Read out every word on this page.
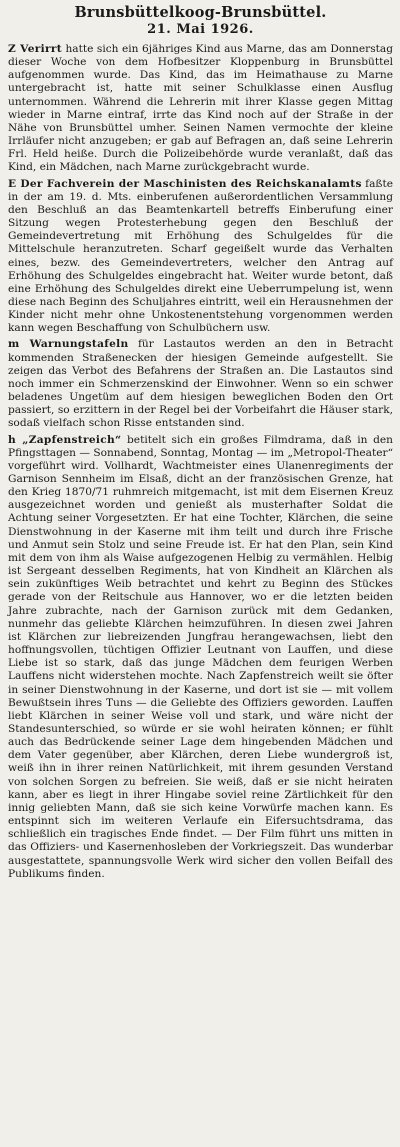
Brunsbüttelkoog-Brunsbüttel.
21. Mai 1926.

Z Verirrt hatte sich ein 6jähriges Kind aus Marne, das am Donnerstag dieser Woche von dem Hofbesitzer Kloppenburg in Brunsbüttel aufgenommen wurde. Das Kind, das im Heimathause zu Marne untergebracht ist, hatte mit seiner Schulklasse einen Ausflug unternommen. Während die Lehrerin mit ihrer Klasse gegen Mittag wieder in Marne eintraf, irrte das Kind noch auf der Straße in der Nähe von Brunsbüttel umher. Seinen Namen vermochte der kleine Irrläufer nicht anzugeben; er gab auf Befragen an, daß seine Lehrerin Frl. Held heiße. Durch die Polizeibehörde wurde veranlaßt, daß das Kind, ein Mädchen, nach Marne zurückgebracht wurde.

E Der Fachverein der Maschinisten des Reichskanalamts faßte in der am 19. d. Mts. einberufenen außerordentlichen Versammlung den Beschluß an das Beamtenkartell betreffs Einberufung einer Sitzung wegen Protesterhebung gegen den Beschluß der Gemeindevertretung mit Erhöhung des Schulgeldes für die Mittelschule heranzutreten. Scharf gegeißelt wurde das Verhalten eines, bezw. des Gemeindevertreters, welcher den Antrag auf Erhöhung des Schulgeldes eingebracht hat. Weiter wurde betont, daß eine Erhöhung des Schulgeldes direkt eine Ueberrumpelung ist, wenn diese nach Beginn des Schuljahres eintritt, weil ein Herausnehmen der Kinder nicht mehr ohne Unkostenentstehung vorgenommen werden kann wegen Beschaffung von Schulbüchern usw.

m Warnungstafeln für Lastautos werden an den in Betracht kommenden Straßenecken der hiesigen Gemeinde aufgestellt. Sie zeigen das Verbot des Befahrens der Straßen an. Die Lastautos sind noch immer ein Schmerzenskind der Einwohner. Wenn so ein schwer beladenes Ungetüm auf dem hiesigen beweglichen Boden den Ort passiert, so erzittern in der Regel bei der Vorbeifahrt die Häuser stark, sodaß vielfach schon Risse entstanden sind.

h „Zapfenstreich“ betitelt sich ein großes Filmdrama, daß in den Pfingsttagen — Sonnabend, Sonntag, Montag — im „Metropol-Theater“ vorgeführt wird. Vollhardt, Wachtmeister eines Ulanenregiments der Garnison Sennheim im Elsaß, dicht an der französischen Grenze, hat den Krieg 1870/71 ruhmreich mitgemacht, ist mit dem Eisernen Kreuz ausgezeichnet worden und genießt als musterhafter Soldat die Achtung seiner Vorgesetzten. Er hat eine Tochter, Klärchen, die seine Dienstwohnung in der Kaserne mit ihm teilt und durch ihre Frische und Anmut sein Stolz und seine Freude ist. Er hat den Plan, sein Kind mit dem von ihm als Waise aufgezogenen Helbig zu vermählen. Helbig ist Sergeant desselben Regiments, hat von Kindheit an Klärchen als sein zukünftiges Weib betrachtet und kehrt zu Beginn des Stückes gerade von der Reitschule aus Hannover, wo er die letzten beiden Jahre zubrachte, nach der Garnison zurück mit dem Gedanken, nunmehr das geliebte Klärchen heimzuführen. In diesen zwei Jahren ist Klärchen zur liebreizenden Jungfrau herangewachsen, liebt den hoffnungsvollen, tüchtigen Offizier Leutnant von Lauffen, und diese Liebe ist so stark, daß das junge Mädchen dem feurigen Werben Lauffens nicht widerstehen mochte. Nach Zapfenstreich weilt sie öfter in seiner Dienstwohnung in der Kaserne, und dort ist sie — mit vollem Bewußtsein ihres Tuns — die Geliebte des Offiziers geworden. Lauffen liebt Klärchen in seiner Weise voll und stark, und wäre nicht der Standesunterschied, so würde er sie wohl heiraten können; er fühlt auch das Bedrückende seiner Lage dem hingebenden Mädchen und dem Vater gegenüber, aber Klärchen, deren Liebe wundergroß ist, weiß ihn in ihrer reinen Natürlichkeit, mit ihrem gesunden Verstand von solchen Sorgen zu befreien. Sie weiß, daß er sie nicht heiraten kann, aber es liegt in ihrer Hingabe soviel reine Zärtlichkeit für den innig geliebten Mann, daß sie sich keine Vorwürfe machen kann. Es entspinnt sich im weiteren Verlaufe ein Eifersuchtsdrama, das schließlich ein tragisches Ende findet. — Der Film führt uns mitten in das Offiziers- und Kasernenhosleben der Vorkriegszeit. Das wunderbar ausgestattete, spannungsvolle Werk wird sicher den vollen Beifall des Publikums finden.
